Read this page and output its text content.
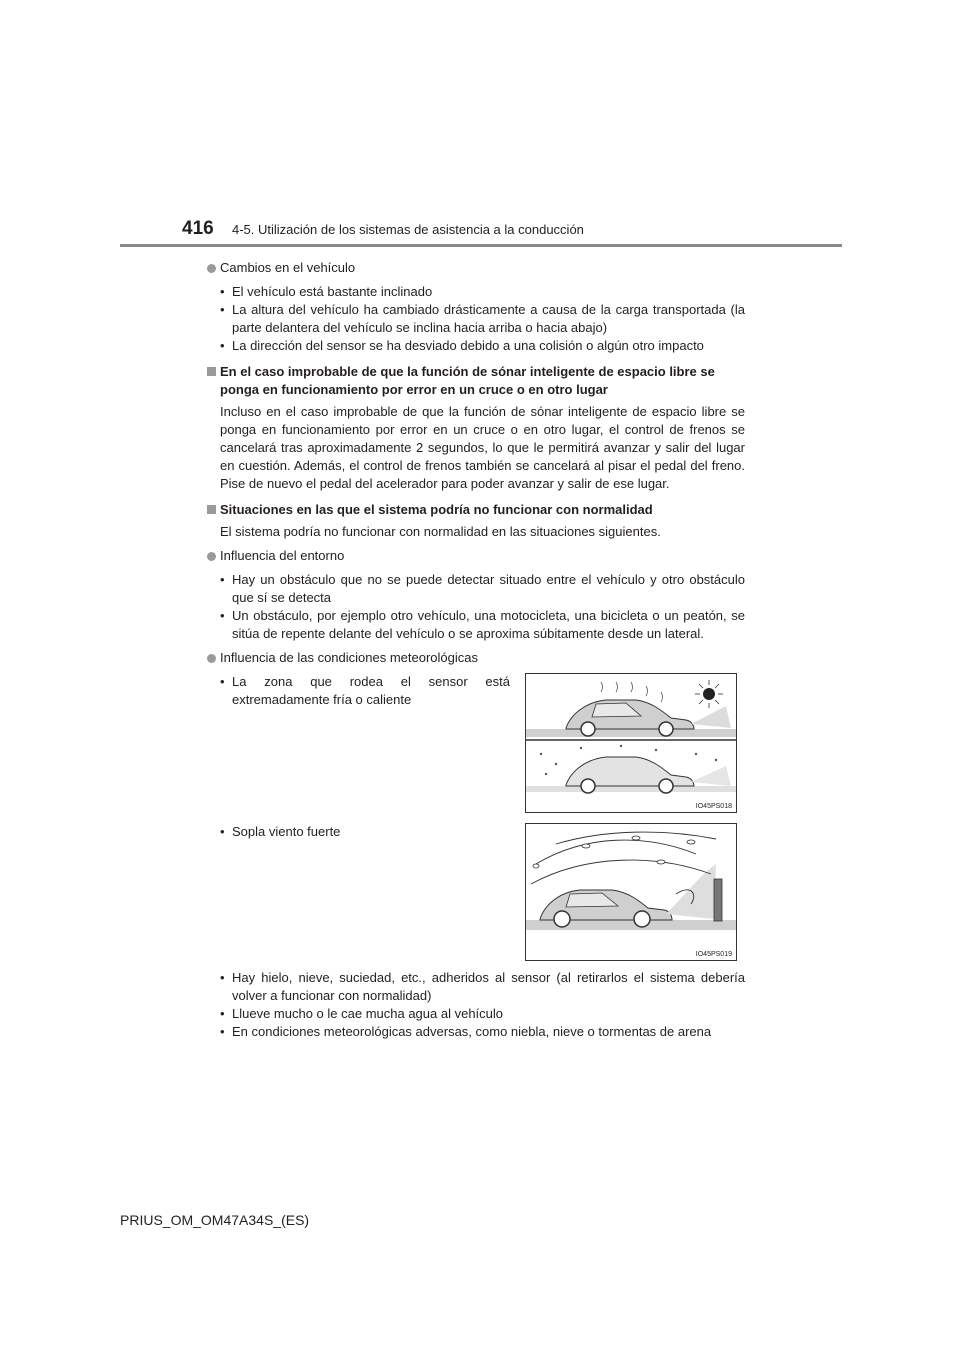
416 4-5. Utilización de los sistemas de asistencia a la conducción
Cambios en el vehículo
• El vehículo está bastante inclinado
• La altura del vehículo ha cambiado drásticamente a causa de la carga transportada (la parte delantera del vehículo se inclina hacia arriba o hacia abajo)
• La dirección del sensor se ha desviado debido a una colisión o algún otro impacto
En el caso improbable de que la función de sónar inteligente de espacio libre se ponga en funcionamiento por error en un cruce o en otro lugar

Incluso en el caso improbable de que la función de sónar inteligente de espacio libre se ponga en funcionamiento por error en un cruce o en otro lugar, el control de frenos se cancelará tras aproximadamente 2 segundos, lo que le permitirá avanzar y salir del lugar en cuestión. Además, el control de frenos también se cancelará al pisar el pedal del freno. Pise de nuevo el pedal del acelerador para poder avanzar y salir de ese lugar.

Situaciones en las que el sistema podría no funcionar con normalidad

El sistema podría no funcionar con normalidad en las situaciones siguientes.

Influencia del entorno
• Hay un obstáculo que no se puede detectar situado entre el vehículo y otro obstáculo que sí se detecta
• Un obstáculo, por ejemplo otro vehículo, una motocicleta, una bicicleta o un peatón, se sitúa de repente delante del vehículo o se aproxima súbitamente desde un lateral.
Influencia de las condiciones meteorológicas
• La zona que rodea el sensor está extremadamente fría o caliente
IO45PS018
• Sopla viento fuerte
IO45PS019
• Hay hielo, nieve, suciedad, etc., adheridos al sensor (al retirarlos el sistema debería volver a funcionar con normalidad)
• Llueve mucho o le cae mucha agua al vehículo
• En condiciones meteorológicas adversas, como niebla, nieve o tormentas de arena
PRIUS_OM_OM47A34S_(ES)
